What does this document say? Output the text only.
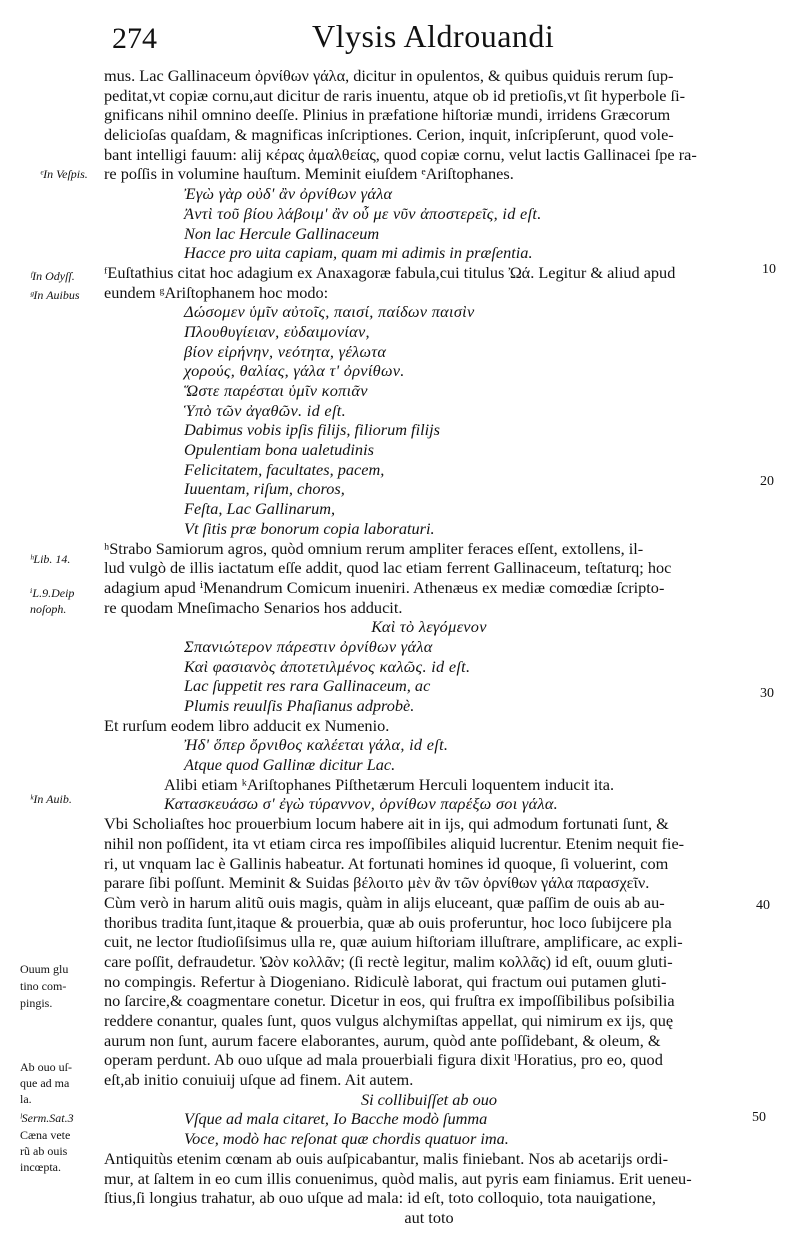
274	Vlysis Aldrouandi
mus. Lac Gallinaceum ὀρνίθων γάλα, dicitur in opulentos, & quibus quiduis rerum ſup-
peditat,vt copiæ cornu,aut dicitur de raris inuentu, atque ob id pretioſis,vt ſit hyperbole ſi-
gnificans nihil omnino deeſſe. Plinius in præfatione hiſtoriæ mundi, irridens Græcorum
delicioſas quaſdam, & magnificas inſcriptiones. Cerion, inquit, inſcripſerunt, quod vole-
bant intelligi fauum: alij κέρας ἀμαλθείας, quod copiæ cornu, velut lactis Gallinacei ſpe ra-
re poſſis in volumine hauſtum. Meminit eiuſdem ᵉAriſtophanes.
Ἐγὼ γὰρ οὐδ' ἂν ὀρνίθων γάλα
Ἀντὶ τοῦ βίου λάβοιμ' ἂν οὗ με νῦν ἀποστερεῖς, id eſt.
Non lac Hercule Gallinaceum
Hacce pro uita capiam, quam mi adimis in præſentia.
ᶠEuſtathius citat hoc adagium ex Anaxagoræ fabula,cui titulus Ὠά. Legitur & aliud apud
eundem ᵍAriſtophanem hoc modo:
Δώσομεν ὑμῖν αὐτοῖς, παισί, παίδων παισὶν
Πλουθυγίειαν, εὐδαιμονίαν,
βίον εἰρήνην, νεότητα, γέλωτα
χορούς, θαλίας, γάλα τ' ὀρνίθων.
Ὥστε παρέσται ὑμῖν κοπιᾶν
Ὑπὸ τῶν ἀγαθῶν. id eſt.
Dabimus vobis ipſis filijs, filiorum filijs
Opulentiam bona ualetudinis
Felicitatem, facultates, pacem,
Iuuentam, riſum, choros,
Feſta, Lac Gallinarum,
Vt ſitis præ bonorum copia laboraturi.
ʰStrabo Samiorum agros, quòd omnium rerum ampliter feraces eſſent, extollens, il-
lud vulgò de illis iactatum eſſe addit, quod lac etiam ferrent Gallinaceum, teſtaturq; hoc
adagium apud ⁱMenandrum Comicum inueniri. Athenæus ex mediæ comœdiæ ſcripto-
re quodam Mneſimacho Senarios hos adducit.
Καὶ τὸ λεγόμενον
Σπανιώτερον πάρεστιν ὀρνίθων γάλα
Καὶ φασιανὸς ἀποτετιλμένος καλῶς. id eſt.
Lac ſuppetit res rara Gallinaceum, ac
Plumis reuulſis Phaſianus adprobè.
Et rurſum eodem libro adducit ex Numenio.
Ἠδ' ὅπερ ὄρνιθος καλέεται γάλα, id eſt.
Atque quod Gallinæ dicitur Lac.
Alibi etiam ᵏAriſtophanes Piſthetærum Herculi loquentem inducit ita.
Κατασκευάσω σ' ἐγὼ τύραννον, ὀρνίθων παρέξω σοι γάλα.
Vbi Scholiaſtes hoc prouerbium locum habere ait in ijs, qui admodum fortunati ſunt, &
nihil non poſſident, ita vt etiam circa res impoſſibiles aliquid lucrentur. Etenim nequit fie-
ri, ut vnquam lac è Gallinis habeatur. At fortunati homines id quoque, ſi voluerint, com
parare ſibi poſſunt. Meminit & Suidas βέλοιτο μὲν ἂν τῶν ὀρνίθων γάλα παρασχεῖν.
Cùm verò in harum alitũ ouis magis, quàm in alijs eluceant, quæ paſſim de ouis ab au-
thoribus tradita ſunt,itaque & prouerbia, quæ ab ouis proferuntur, hoc loco ſubijcere pla
cuit, ne lector ſtudioſiſsimus ulla re, quæ auium hiſtoriam illuſtrare, amplificare, ac expli-
care poſſit, defraudetur. Ὠὸν κολλᾶν; (ſi rectè legitur, malim κολλᾶς) id eſt, ouum gluti-
no compingis. Refertur à Diogeniano. Ridiculè laborat, qui fractum oui putamen gluti-
no ſarcire,& coagmentare conetur. Dicetur in eos, qui fruſtra ex impoſſibilibus poſsibilia
reddere conantur, quales ſunt, quos vulgus alchymiſtas appellat, qui nimirum ex ijs, quę
aurum non ſunt, aurum facere elaborantes, aurum, quòd ante poſſidebant, & oleum, &
operam perdunt. Ab ouo uſque ad mala prouerbiali figura dixit ˡHoratius, pro eo, quod
eſt,ab initio conuiuij uſque ad finem. Ait autem.
Si collibuiſſet ab ouo
Vſque ad mala citaret, Io Bacche modò ſumma
Voce, modò hac reſonat quæ chordis quatuor ima.
Antiquitùs etenim cœnam ab ouis auſpicabantur, malis finiebant. Nos ab acetarijs ordi-
mur, at ſaltem in eo cum illis conuenimus, quòd malis, aut pyris eam finiamus. Erit ueneu-
ſtius,ſi longius trahatur, ab ouo uſque ad mala: id eſt, toto colloquio, tota nauigatione,
aut toto
ᵉIn Veſpis.
ᶠIn Odyſſ.
ᵍIn Auibus
ʰLib. 14.
ⁱL.9.Deip
noſoph.
ᵏIn Auib.
Ouum glu
tino com-
pingis.
Ab ouo uſ-
que ad ma
la.
ˡSerm.Sat.3
Cæna vete
rũ ab ouis
incœpta.
10
20
30
40
50
